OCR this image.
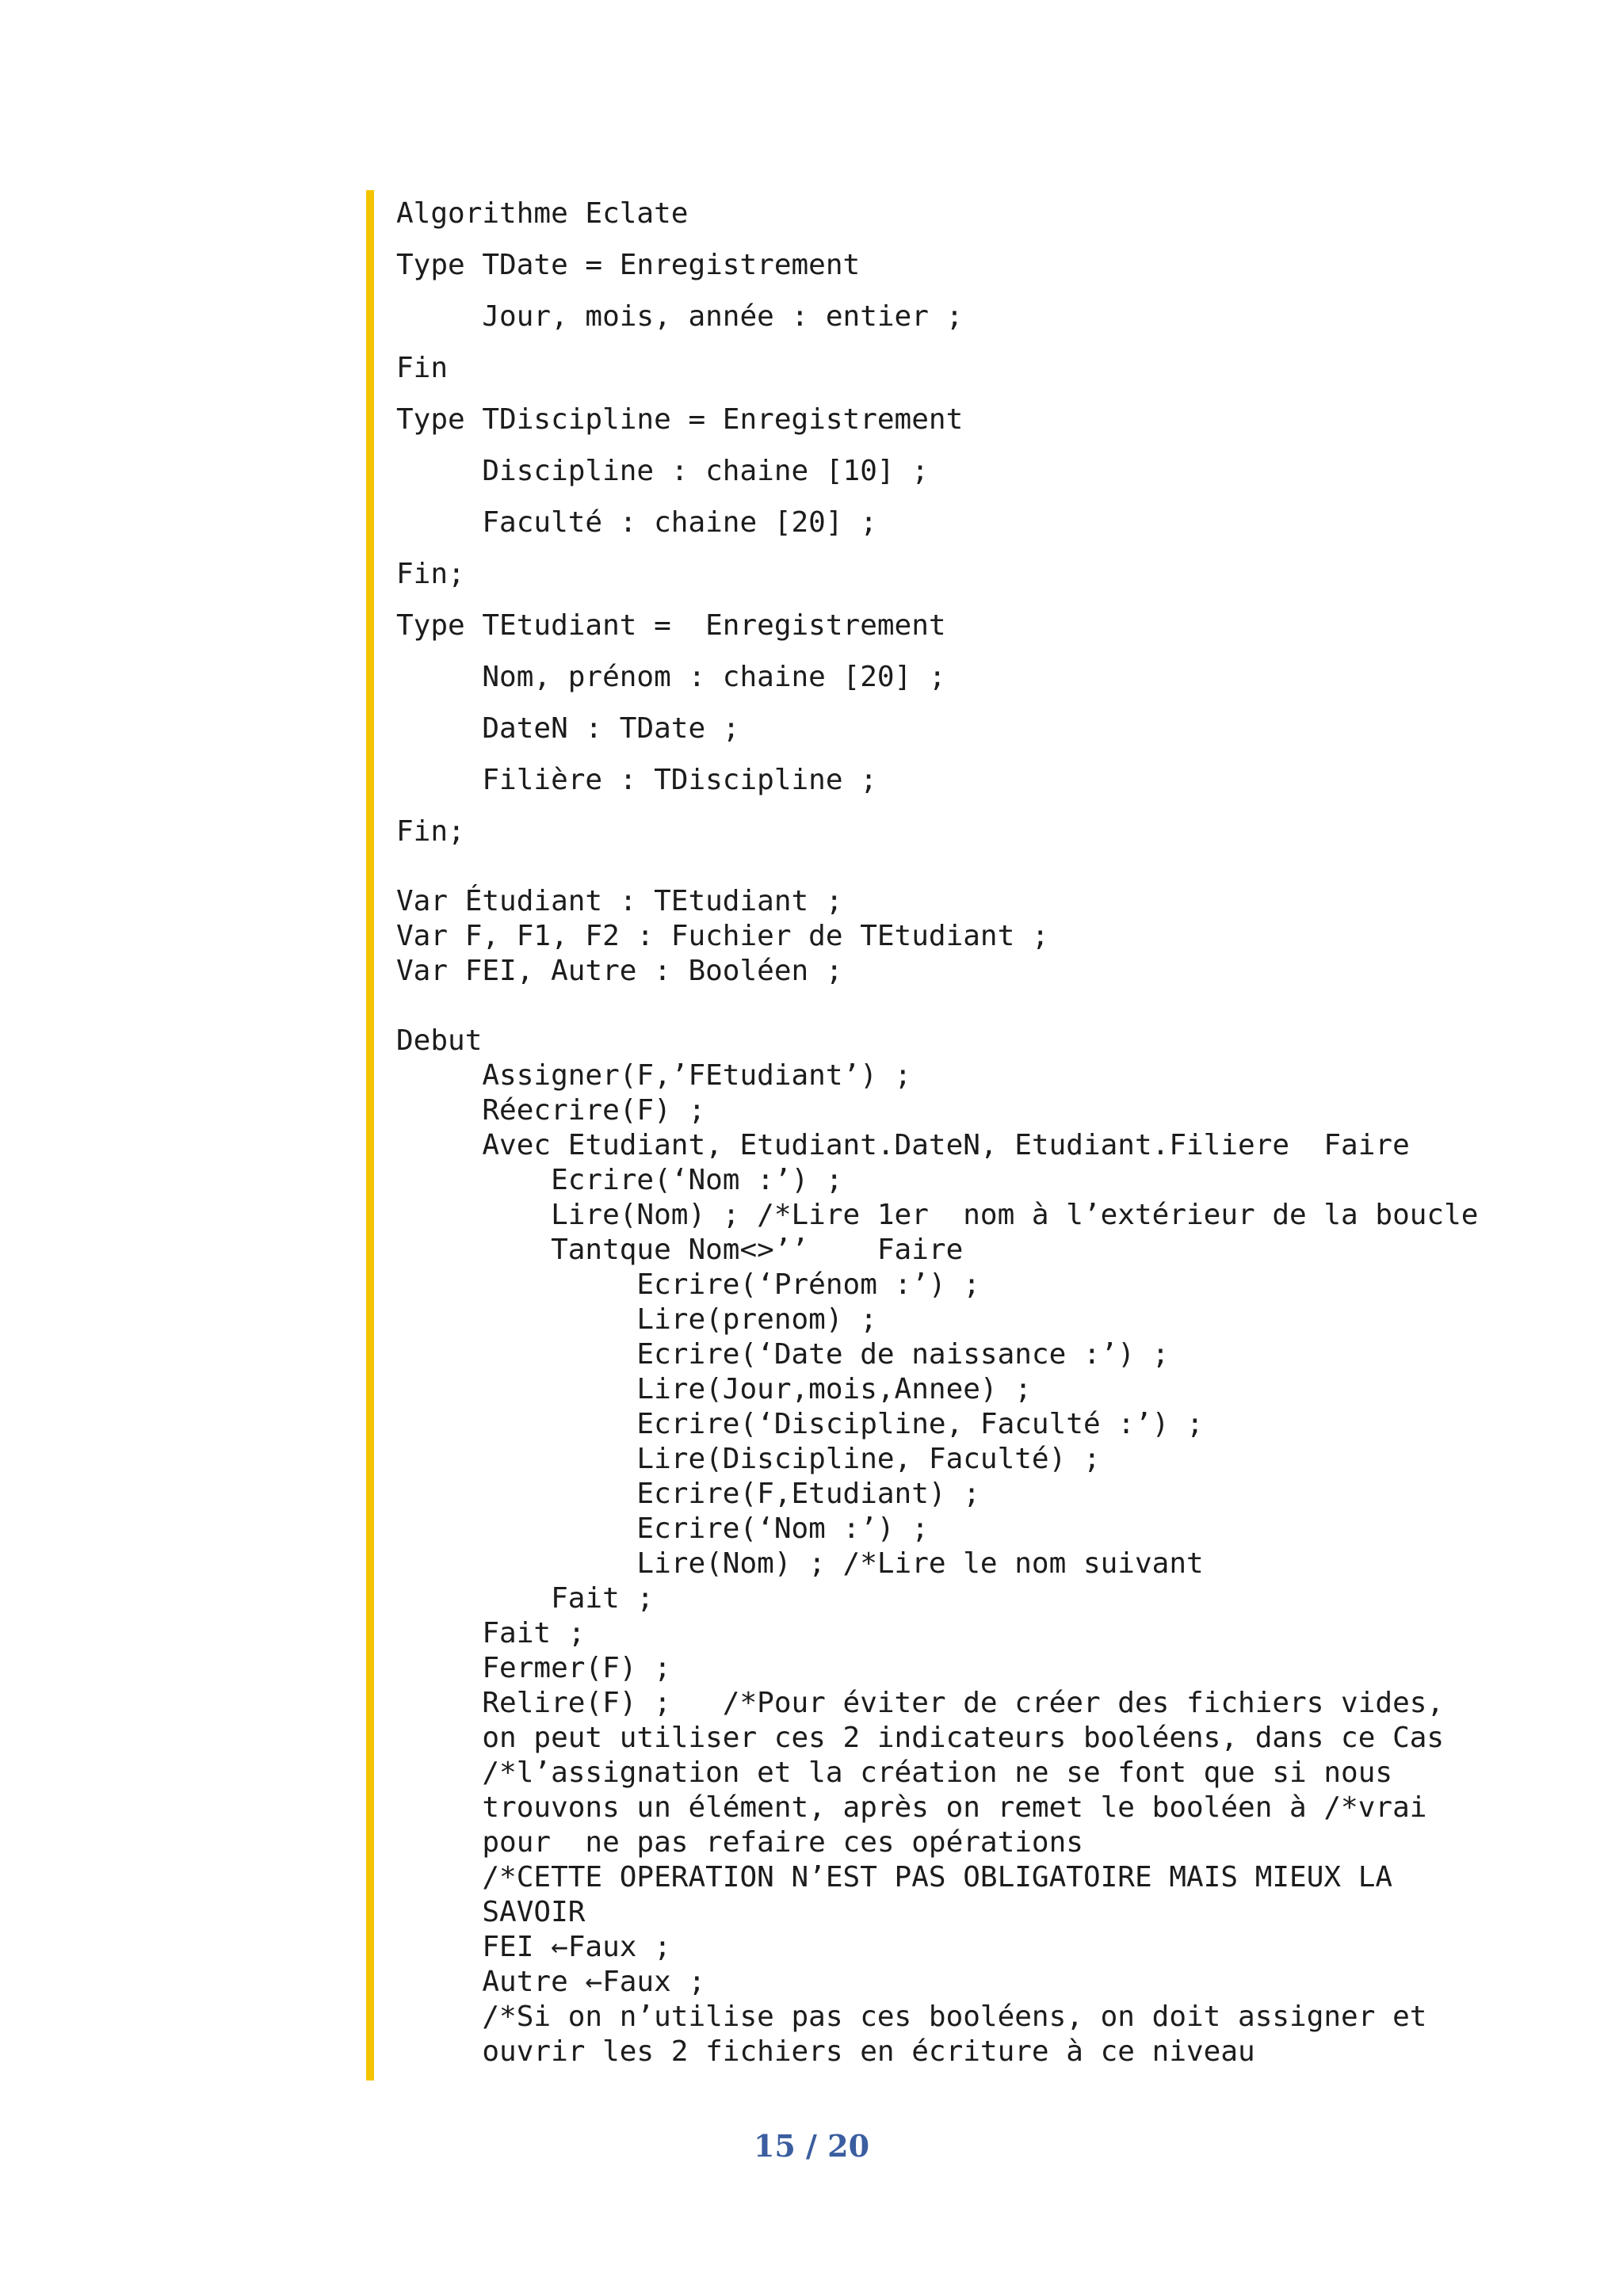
Algorithme Eclate
Type TDate = Enregistrement
Jour, mois, année : entier ;
Fin
Type TDiscipline = Enregistrement
Discipline : chaine [10] ;
Faculté : chaine [20] ;
Fin;
Type TEtudiant =  Enregistrement
Nom, prénom : chaine [20] ;
DateN : TDate ;
Filière : TDiscipline ;
Fin;
Var Étudiant : TEtudiant ;
Var F, F1, F2 : Fuchier de TEtudiant ;
Var FEI, Autre : Booléen ;
Debut
Assigner(F,’FEtudiant’) ;
Réecrire(F) ;
Avec Etudiant, Etudiant.DateN, Etudiant.Filiere  Faire
Ecrire(‘Nom :’) ;
Lire(Nom) ; /*Lire 1er  nom à l’extérieur de la boucle
Tantque Nom<>’’    Faire
Ecrire(‘Prénom :’) ;
Lire(prenom) ;
Ecrire(‘Date de naissance :’) ;
Lire(Jour,mois,Annee) ;
Ecrire(‘Discipline, Faculté :’) ;
Lire(Discipline, Faculté) ;
Ecrire(F,Etudiant) ;
Ecrire(‘Nom :’) ;
Lire(Nom) ; /*Lire le nom suivant
Fait ;
Fait ;
Fermer(F) ;
Relire(F) ;   /*Pour éviter de créer des fichiers vides,
on peut utiliser ces 2 indicateurs booléens, dans ce Cas
/*l’assignation et la création ne se font que si nous
trouvons un élément, après on remet le booléen à /*vrai
pour  ne pas refaire ces opérations
/*CETTE OPERATION N’EST PAS OBLIGATOIRE MAIS MIEUX LA
SAVOIR
FEI ←Faux ;
Autre ←Faux ;
/*Si on n’utilise pas ces booléens, on doit assigner et
ouvrir les 2 fichiers en écriture à ce niveau
15 / 20
